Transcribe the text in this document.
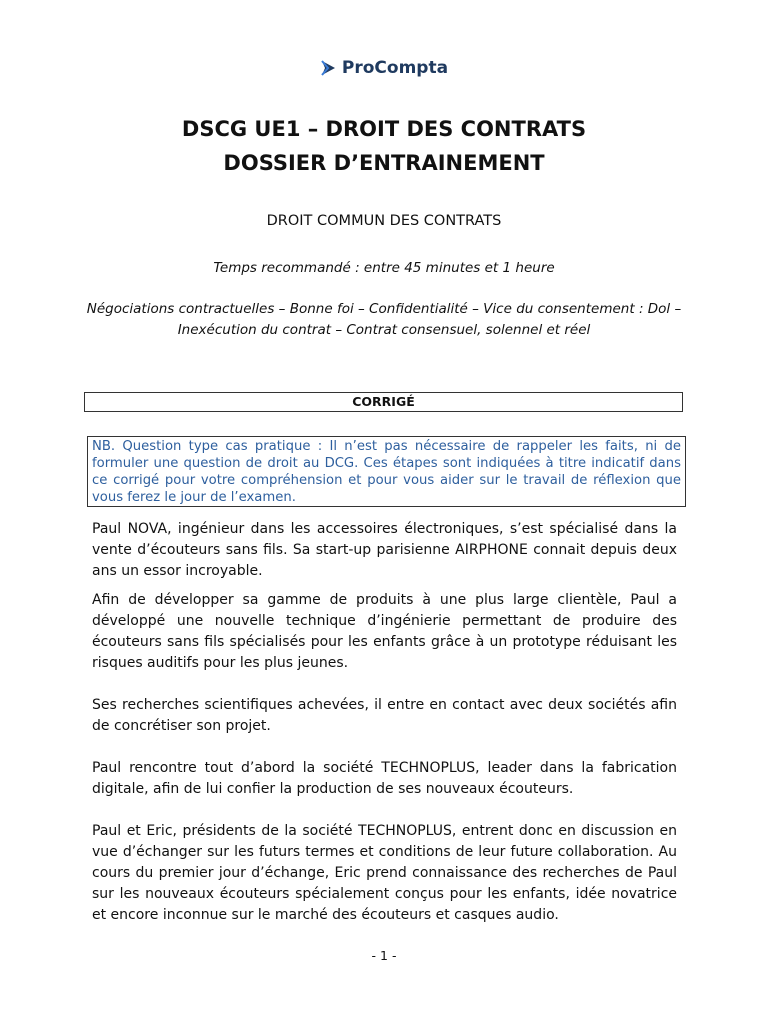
ProCompta
DSCG UE1 – DROIT DES CONTRATS
DOSSIER D’ENTRAINEMENT
DROIT COMMUN DES CONTRATS
Temps recommandé : entre 45 minutes et 1 heure
Négociations contractuelles – Bonne foi – Confidentialité – Vice du consentement : Dol – Inexécution du contrat – Contrat consensuel, solennel et réel
CORRIGÉ
NB. Question type cas pratique : Il n’est pas nécessaire de rappeler les faits, ni de formuler une question de droit au DCG. Ces étapes sont indiquées à titre indicatif dans ce corrigé pour votre compréhension et pour vous aider sur le travail de réflexion que vous ferez le jour de l’examen.
Paul NOVA, ingénieur dans les accessoires électroniques, s’est spécialisé dans la vente d’écouteurs sans fils. Sa start-up parisienne AIRPHONE connait depuis deux ans un essor incroyable.
Afin de développer sa gamme de produits à une plus large clientèle, Paul a développé une nouvelle technique d’ingénierie permettant de produire des écouteurs sans fils spécialisés pour les enfants grâce à un prototype réduisant les risques auditifs pour les plus jeunes.
Ses recherches scientifiques achevées, il entre en contact avec deux sociétés afin de concrétiser son projet.
Paul rencontre tout d’abord la société TECHNOPLUS, leader dans la fabrication digitale, afin de lui confier la production de ses nouveaux écouteurs.
Paul et Eric, présidents de la société TECHNOPLUS, entrent donc en discussion en vue d’échanger sur les futurs termes et conditions de leur future collaboration. Au cours du premier jour d’échange, Eric prend connaissance des recherches de Paul sur les nouveaux écouteurs spécialement conçus pour les enfants, idée novatrice et encore inconnue sur le marché des écouteurs et casques audio.
- 1 -
